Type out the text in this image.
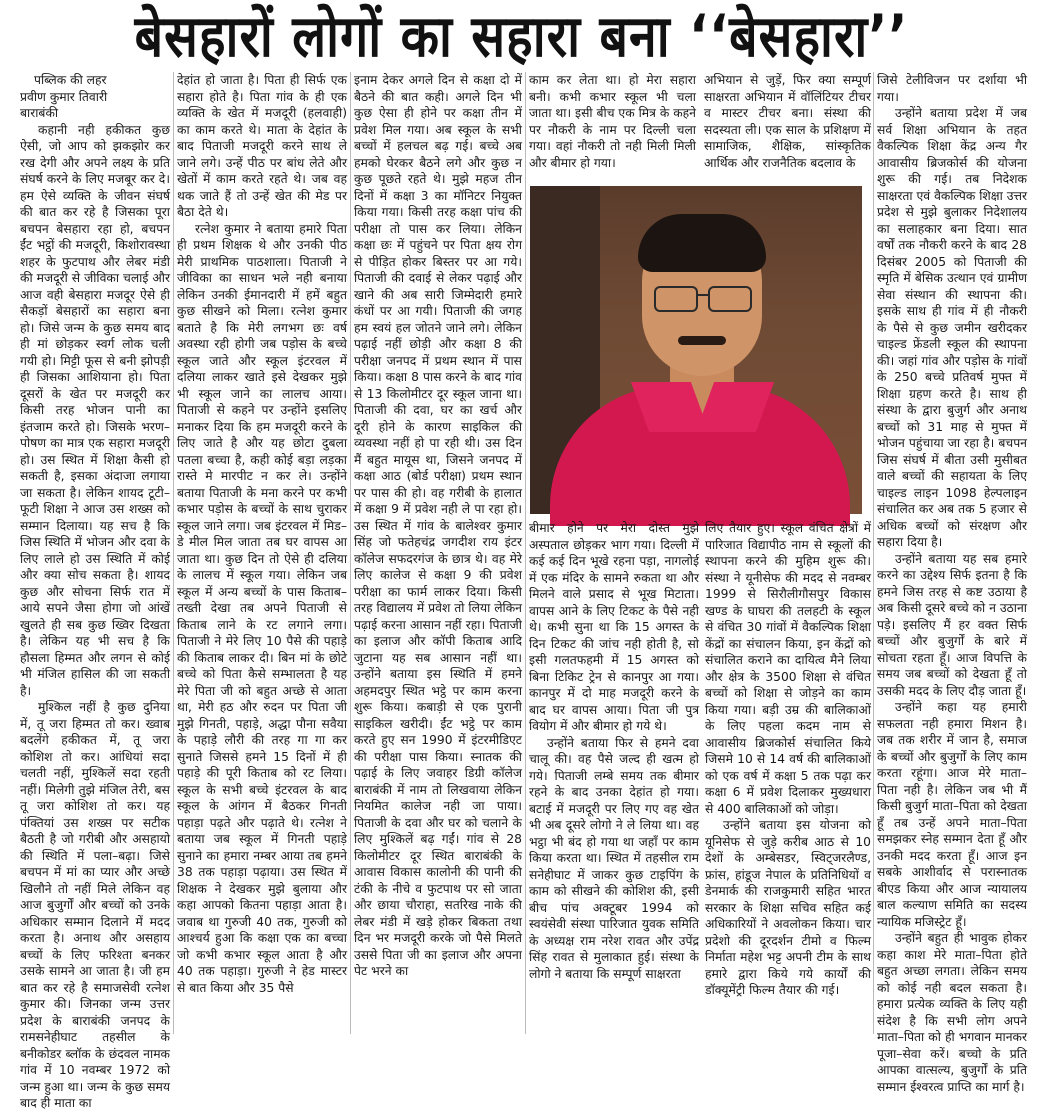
बेसहारों लोगों का सहारा बना ‘‘बेसहारा’’
पब्लिक की लहर
प्रवीण कुमार तिवारी
बाराबंकी

कहानी नही हकीकत कुछ ऐसी, जो आप को झकझोर कर रख देगी और अपने लक्ष्य के प्रति संघर्ष करने के लिए मजबूर कर दे। हम ऐसे व्यक्ति के जीवन संघर्ष की बात कर रहे है जिसका पूरा बचपन बेसहारा रहा हो, बचपन ईंट भट्ठों की मजदूरी, किशोरावस्था शहर के फुटपाथ और लेबर मंडी की मजदूरी से जीविका चलाई और आज वही बेसहारा मजदूर ऐसे ही सैकड़ों बेसहारों का सहारा बना हो। जिसे जन्म के कुछ समय बाद ही मां छोड़कर स्वर्ग लोक चली गयी हो। मिट्टी फूस से बनी झोपड़ी ही जिसका आशियाना हो। पिता दूसरों के खेत पर मजदूरी कर किसी तरह भोजन पानी का इंतजाम करते हो। जिसके भरण–पोषण का मात्र एक सहारा मजदूरी हो। उस स्थित में शिक्षा कैसी हो सकती है, इसका अंदाजा लगाया जा सकता है। लेकिन शायद टूटी–फूटी शिक्षा ने आज उस शख्स को सम्मान दिलाया। यह सच है कि जिस स्थिति में भोजन और दवा के लिए लाले हो उस स्थिति में कोई और क्या सोच सकता है। शायद कुछ और सोचना सिर्फ रात में आये सपने जैसा होगा जो आंखें खुलते ही सब कुछ ख्विर दिखता है। लेकिन यह भी सच है कि हौसला हिम्मत और लगन से कोई भी मंजिल हासिल की जा सकती है।

मुश्किल नहीं है कुछ दुनिया में, तू जरा हिम्मत तो कर। ख्वाब बदलेंगे हकीकत में, तू जरा कोशिश तो कर। आंधियां सदा चलती नहीं, मुश्किलें सदा रहती नहीं। मिलेगी तुझे मंजिल तेरी, बस तू जरा कोशिश तो कर। यह पंक्तियां उस शख्स पर सटीक बैठती है जो गरीबी और असहायो की स्थिति में पला–बढ़ा। जिसे बचपन में मां का प्यार और अच्छे खिलौने तो नहीं मिले लेकिन वह आज बुजुर्गों और बच्चों को उनके अधिकार सम्मान दिलाने में मदद करता है। अनाथ और असहाय बच्चों के लिए फरिश्ता बनकर उसके सामने आ जाता है। जी हम बात कर रहे है समाजसेवी रत्नेश कुमार की। जिनका जन्म उत्तर प्रदेश के बाराबंकी जनपद के रामसनेहीघाट तहसील के बनीकोडर ब्लॉक के छंदवल नामक गांव में 10 नवम्बर 1972 को जन्म हुआ था। जन्म के कुछ समय बाद ही माता का

देहांत हो जाता है। पिता ही सिर्फ एक सहारा होते है। पिता गांव के ही एक व्यक्ति के खेत में मजदूरी (हलवाही) का काम करते थे। माता के देहांत के बाद पिताजी मजदूरी करने साथ ले जाने लगे। उन्हें पीठ पर बांध लेते और खेतों में काम करते रहते थे। जब वह थक जाते हैं तो उन्हें खेत की मेड पर बैठा देते थे।

रत्नेश कुमार ने बताया हमारे पिता ही प्रथम शिक्षक थे और उनकी पीठ मेरी प्राथमिक पाठशाला। पिताजी ने जीविका का साधन भले नही बनाया लेकिन उनकी ईमानदारी में हमें बहुत कुछ सीखने को मिला। रत्नेश कुमार बताते है कि मेरी लगभग छः वर्ष अवस्था रही होगी जब पड़ोस के बच्चे स्कूल जाते और स्कूल इंटरवल में दलिया लाकर खाते इसे देखकर मुझे भी स्कूल जाने का लालच आया। पिताजी से कहने पर उन्होंने इसलिए मनाकर दिया कि हम मजदूरी करने के लिए जाते है और यह छोटा दुबला पतला बच्चा है, कही कोई बड़ा लड़का रास्ते मे मारपीट न कर ले। उन्होंने बताया पिताजी के मना करने पर कभी कभार पड़ोस के बच्चों के साथ चुराकर स्कूल जाने लगा। जब इंटरवल में मिड–डे मील मिल जाता तब घर वापस आ जाता था। कुछ दिन तो ऐसे ही दलिया के लालच में स्कूल गया। लेकिन जब स्कूल में अन्य बच्चों के पास किताब–तख्ती देखा तब अपने पिताजी से किताब लाने के रट लगाने लगा। पिताजी ने मेरे लिए 10 पैसे की पहाड़े की किताब लाकर दी। बिन मां के छोटे बच्चे को पिता कैसे सम्भालता है यह मेरे पिता जी को बहुत अच्छे से आता था, मेरी हठ और रुदन पर पिता जी मुझे गिनती, पहाड़े, अद्धा पौना सवैया के पहाड़े लौरी की तरह गा गा कर सुनाते जिससे हमने 15 दिनों में ही पहाड़े की पूरी किताब को रट लिया। स्कूल के सभी बच्चे इंटरवल के बाद स्कूल के आंगन में बैठकर गिनती पहाड़ा पढ़ते और पढ़ाते थे। रत्नेश ने बताया जब स्कूल में गिनती पहाड़े सुनाने का हमारा नम्बर आया तब हमने 38 तक पहाड़ा पढ़ाया। उस स्थित में शिक्षक ने देखकर मुझे बुलाया और कहा आपको कितना पहाड़ा आता है। जवाब था गुरुजी 40 तक, गुरुजी को आश्चर्य हुआ कि कक्षा एक का बच्चा जो कभी कभार स्कूल आता है और 40 तक पहाड़ा। गुरुजी ने हेड मास्टर से बात किया और 35 पैसे

इनाम देकर अगले दिन से कक्षा दो में बैठने की बात कही। अगले दिन भी कुछ ऐसा ही होने पर कक्षा तीन में प्रवेश मिल गया। अब स्कूल के सभी बच्चों में हलचल बढ़ गई। बच्चे अब हमको घेरकर बैठने लगे और कुछ न कुछ पूछते रहते थे। मुझे महज तीन दिनों में कक्षा 3 का मॉनिटर नियुक्त किया गया। किसी तरह कक्षा पांच की परीक्षा तो पास कर लिया। लेकिन कक्षा छः में पहुंचने पर पिता क्षय रोग से पीड़ित होकर बिस्तर पर आ गये। पिताजी की दवाई से लेकर पढ़ाई और खाने की अब सारी जिम्मेदारी हमारे कंधों पर आ गयी। पिताजी की जगह हम स्वयं हल जोतने जाने लगे। लेकिन पढ़ाई नहीं छोड़ी और कक्षा 8 की परीक्षा जनपद में प्रथम स्थान में पास किया। कक्षा 8 पास करने के बाद गांव से 13 किलोमीटर दूर स्कूल जाना था। पिताजी की दवा, घर का खर्च और दूरी होने के कारण साइकिल की व्यवस्था नहीं हो पा रही थी। उस दिन मैं बहुत मायूस था, जिसने जनपद में कक्षा आठ (बोर्ड परीक्षा) प्रथम स्थान पर पास की हो। वह गरीबी के हालात में कक्षा 9 में प्रवेश नही ले पा रहा हो। उस स्थित में गांव के बालेश्वर कुमार सिंह जो फतेहचंद्र जगदीश राय इंटर कॉलेज सफदरगंज के छात्र थे। वह मेरे लिए कालेज से कक्षा 9 की प्रवेश परीक्षा का फार्म लाकर दिया। किसी तरह विद्यालय में प्रवेश तो लिया लेकिन पढ़ाई करना आसान नहीं रहा। पिताजी का इलाज और कॉपी किताब आदि जुटाना यह सब आसान नहीं था। उन्होंने बताया इस स्थिति में हमने अहमदपुर स्थित भट्ठे पर काम करना शुरू किया। कबाड़ी से एक पुरानी साइकिल खरीदी। ईंट भट्ठे पर काम करते हुए सन 1990 में इंटरमीडिएट की परीक्षा पास किया। स्नातक की पढ़ाई के लिए जवाहर डिग्री कॉलेज बाराबंकी में नाम तो लिखवाया लेकिन नियमित कालेज नही जा पाया। पिताजी के दवा और घर को चलाने के लिए मुश्किलें बढ़ गईं। गांव से 28 किलोमीटर दूर स्थित बाराबंकी के आवास विकास कालोनी की पानी की टंकी के नीचे व फुटपाथ पर सो जाता और छाया चौराहा, सतरिख नाके की लेबर मंडी में खड़े होकर बिकता तथा दिन भर मजदूरी करके जो पैसे मिलते उससे पिता जी का इलाज और अपना पेट भरने का

काम कर लेता था। हो मेरा सहारा बनी। कभी कभार स्कूल भी चला जाता था। इसी बीच एक मित्र के कहने पर नौकरी के नाम पर दिल्ली चला गया। वहां नौकरी तो नही मिली मिली और बीमार हो गया।

अभियान से जुड़ें, फिर क्या सम्पूर्ण साक्षरता अभियान में वॉलिंटियर टीचर व मास्टर टीचर बना। संस्था की सदस्यता ली। एक साल के प्रशिक्षण में सामाजिक, शैक्षिक, सांस्कृतिक आर्थिक और राजनैतिक बदलाव के

बीमार होने पर मेरा दोस्त मुझे अस्पताल छोड़कर भाग गया। दिल्ली में कई कई दिन भूखे रहना पड़ा, नागलोई में एक मंदिर के सामने रुकता था और मिलने वाले प्रसाद से भूख मिटाता। वापस आने के लिए टिकट के पैसे नही थे। कभी सुना था कि 15 अगस्त के दिन टिकट की जांच नही होती है, सो इसी गलतफहमी में 15 अगस्त को बिना टिकिट ट्रेन से कानपुर आ गया। कानपुर में दो माह मजदूरी करने के बाद घर वापस आया। पिता जी पुत्र वियोग में और बीमार हो गये थे।

उन्होंने बताया फिर से हमने दवा चालू की। वह पैसे जल्द ही खत्म हो गये। पिताजी लम्बे समय तक बीमार रहने के बाद उनका देहांत हो गया। बटाई में मजदूरी पर लिए गए वह खेत भी अब दूसरे लोगो ने ले लिया था। वह भट्ठा भी बंद हो गया था जहाँ पर काम किया करता था। स्थित में तहसील राम सनेहीघाट में जाकर कुछ टाइपिंग के काम को सीखने की कोशिश की, इसी बीच पांच अक्टूबर 1994 को स्वयंसेवी संस्था पारिजात युवक समिति के अध्यक्ष राम नरेश रावत और उपेंद्र सिंह रावत से मुलाकात हुई। संस्था के लोगो ने बताया कि सम्पूर्ण साक्षरता

लिए तैयार हुए। स्कूल वंचित क्षेत्रों में पारिजात विद्यापीठ नाम से स्कूलों की स्थापना करने की मुहिम शुरू की। संस्था ने यूनीसेफ की मदद से नवम्बर 1999 से सिरौलीगौसपुर विकास खण्ड के घाघरा की तलहटी के स्कूल से वंचित 30 गांवों में वैकल्पिक शिक्षा केंद्रों का संचालन किया, इन केंद्रों को संचालित कराने का दायित्व मैने लिया और क्षेत्र के 3500 शिक्षा से वंचित बच्चों को शिक्षा से जोड़ने का काम किया गया। बड़ी उम्र की बालिकाओं के लिए पहला कदम नाम से आवासीय ब्रिजकोर्स संचालित किये जिसमे 10 से 14 वर्ष की बालिकाओं को एक वर्ष में कक्षा 5 तक पढ़ा कर कक्षा 6 में प्रवेश दिलाकर मुख्यधारा से 400 बालिकाओं को जोड़ा।

उन्होंने बताया इस योजना को यूनिसेफ से जुड़े करीब आठ से 10 देशों के अम्बेसडर, स्विट्जरलैण्ड, फ्रांस, हांडूज नेपाल के प्रतिनिधियों व डेनमार्क की राजकुमारी सहित भारत सरकार के शिक्षा सचिव सहित कई अधिकारियों ने अवलोकन किया। चार प्रदेशो की दूरदर्शन टीमो व फिल्म निर्माता महेश भट्ट अपनी टीम के साथ हमारे द्वारा किये गये कार्यों की डॉक्यूमेंट्री फिल्म तैयार की गई।

जिसे टेलीविजन पर दर्शाया भी गया।

उन्होंने बताया प्रदेश में जब सर्व शिक्षा अभियान के तहत वैकल्पिक शिक्षा केंद्र अन्य गैर आवासीय ब्रिजकोर्स की योजना शुरू की गई। तब निदेशक साक्षरता एवं वैकल्पिक शिक्षा उत्तर प्रदेश से मुझे बुलाकर निदेशालय का सलाहकार बना दिया। सात वर्षों तक नौकरी करने के बाद 28 दिसंबर 2005 को पिताजी की स्मृति में बेसिक उत्थान एवं ग्रामीण सेवा संस्थान की स्थापना की। इसके साथ ही गांव में ही नौकरी के पैसे से कुछ जमीन खरीदकर चाइल्ड फ्रेंडली स्कूल की स्थापना की। जहां गांव और पड़ोस के गांवों के 250 बच्चे प्रतिवर्ष मुफ्त में शिक्षा ग्रहण करते है। साथ ही संस्था के द्वारा बुजुर्ग और अनाथ बच्चों को 31 माह से मुफ्त में भोजन पहुंचाया जा रहा है। बचपन जिस संघर्ष में बीता उसी मुसीबत वाले बच्चों की सहायता के लिए चाइल्ड लाइन 1098 हेल्पलाइन संचालित कर अब तक 5 हजार से अधिक बच्चों को संरक्षण और सहारा दिया है।

उन्होंने बताया यह सब हमारे करने का उद्देश्य सिर्फ इतना है कि हमने जिस तरह से कष्ट उठाया है अब किसी दूसरे बच्चे को न उठाना पड़े। इसलिए मैं हर वक्त सिर्फ बच्चों और बुजुर्गों के बारे में सोचता रहता हूँ। आज विपत्ति के समय जब बच्चों को देखता हूँ तो उसकी मदद के लिए दौड़ जाता हूँ।

उन्होंने कहा यह हमारी सफलता नही हमारा मिशन है। जब तक शरीर में जान है, समाज के बच्चों और बुजुर्गों के लिए काम करता रहूंगा। आज मेरे माता– पिता नही है। लेकिन जब भी मैं किसी बुजुर्ग माता–पिता को देखता हूँ तब उन्हें अपने माता–पिता समझकर स्नेह सम्मान देता हूँ और उनकी मदद करता हूँ। आज इन सबके आशीर्वाद से परास्नातक बीएड किया और आज न्यायालय बाल कल्याण समिति का सदस्य न्यायिक मजिस्ट्रेट हूँ।

उन्होंने बहुत ही भावुक होकर कहा काश मेरे माता–पिता होते बहुत अच्छा लगता। लेकिन समय को कोई नही बदल सकता है। हमारा प्रत्येक व्यक्ति के लिए यही संदेश है कि सभी लोग अपने माता–पिता को ही भगवान मानकर पूजा–सेवा करें। बच्चो के प्रति आपका वात्सल्य, बुजुर्गों के प्रति सम्मान ईश्वरत्व प्राप्ति का मार्ग है।
